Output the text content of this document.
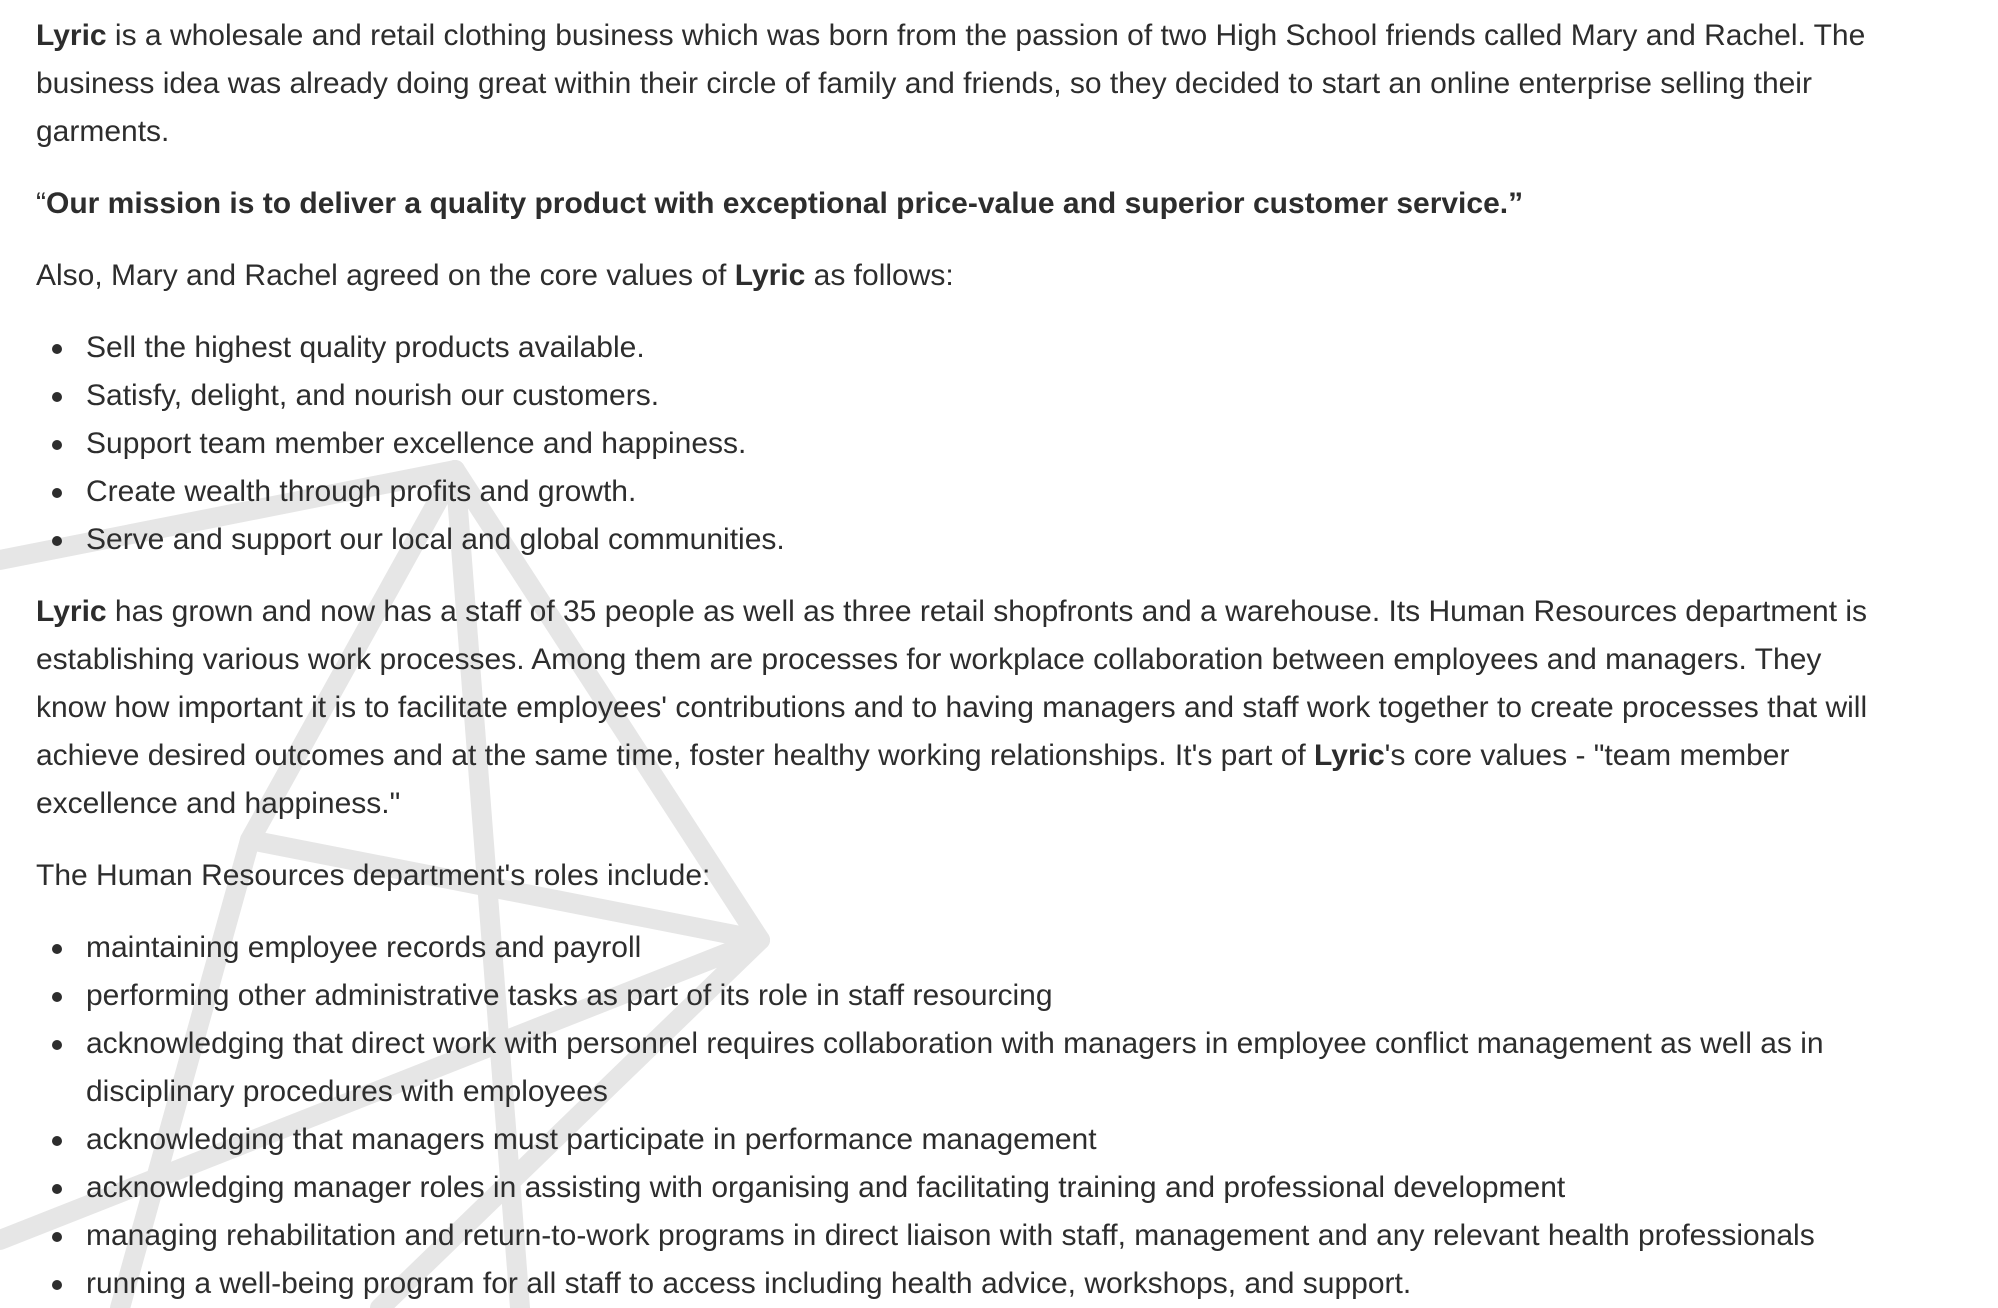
Lyric is a wholesale and retail clothing business which was born from the passion of two High School friends called Mary and Rachel. The business idea was already doing great within their circle of family and friends, so they decided to start an online enterprise selling their garments.

“Our mission is to deliver a quality product with exceptional price-value and superior customer service.”

Also, Mary and Rachel agreed on the core values of Lyric as follows:

Sell the highest quality products available.
Satisfy, delight, and nourish our customers.
Support team member excellence and happiness.
Create wealth through profits and growth.
Serve and support our local and global communities.

Lyric has grown and now has a staff of 35 people as well as three retail shopfronts and a warehouse. Its Human Resources department is establishing various work processes. Among them are processes for workplace collaboration between employees and managers. They know how important it is to facilitate employees' contributions and to having managers and staff work together to create processes that will achieve desired outcomes and at the same time, foster healthy working relationships. It's part of Lyric's core values - "team member excellence and happiness."

The Human Resources department's roles include:

maintaining employee records and payroll
performing other administrative tasks as part of its role in staff resourcing
acknowledging that direct work with personnel requires collaboration with managers in employee conflict management as well as in disciplinary procedures with employees
acknowledging that managers must participate in performance management
acknowledging manager roles in assisting with organising and facilitating training and professional development
managing rehabilitation and return-to-work programs in direct liaison with staff, management and any relevant health professionals
running a well-being program for all staff to access including health advice, workshops, and support.
